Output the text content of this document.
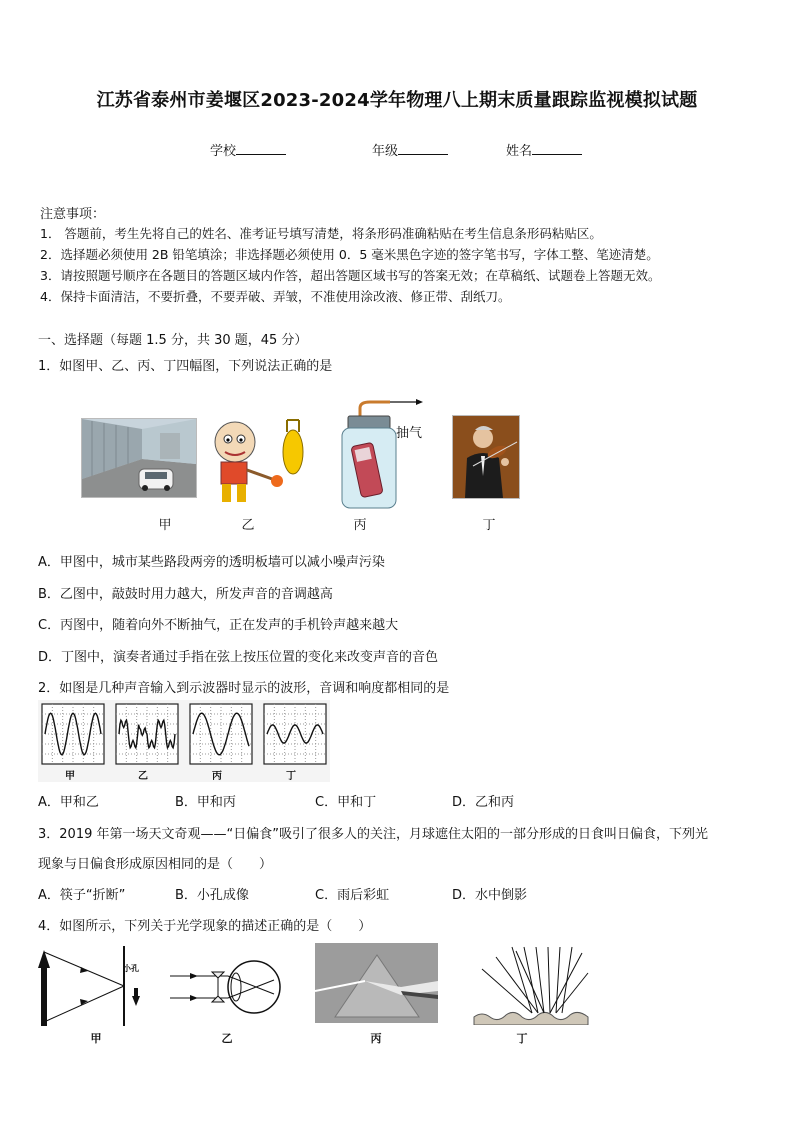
江苏省泰州市姜堰区2023-2024学年物理八上期末质量跟踪监视模拟试题
学校	年级	姓名
注意事项：
1． 答题前，考生先将自己的姓名、准考证号填写清楚，将条形码准确粘贴在考生信息条形码粘贴区。
2．选择题必须使用 2B 铅笔填涂；非选择题必须使用 0．5 毫米黑色字迹的签字笔书写，字体工整、笔迹清楚。
3．请按照题号顺序在各题目的答题区域内作答，超出答题区域书写的答案无效；在草稿纸、试题卷上答题无效。
4．保持卡面清洁，不要折叠，不要弄破、弄皱，不准使用涂改液、修正带、刮纸刀。
一、选择题（每题 1.5 分，共 30 题，45 分）
1．如图甲、乙、丙、丁四幅图，下列说法正确的是
抽气
甲	乙	丙	丁
A．甲图中，城市某些路段两旁的透明板墙可以减小噪声污染
B．乙图中，敲鼓时用力越大，所发声音的音调越高
C．丙图中，随着向外不断抽气，正在发声的手机铃声越来越大
D．丁图中，演奏者通过手指在弦上按压位置的变化来改变声音的音色
2．如图是几种声音输入到示波器时显示的波形，音调和响度都相同的是
甲	乙	丙	丁
A．甲和乙	B．甲和丙	C．甲和丁	D．乙和丙
3．2019 年第一场天文奇观——“日偏食”吸引了很多人的关注，月球遮住太阳的一部分形成的日食叫日偏食，下列光
现象与日偏食形成原因相同的是（　　）
A．筷子“折断”	B．小孔成像	C．雨后彩虹	D．水中倒影
4．如图所示，下列关于光学现象的描述正确的是（　　）
小孔
甲	乙	丙	丁
